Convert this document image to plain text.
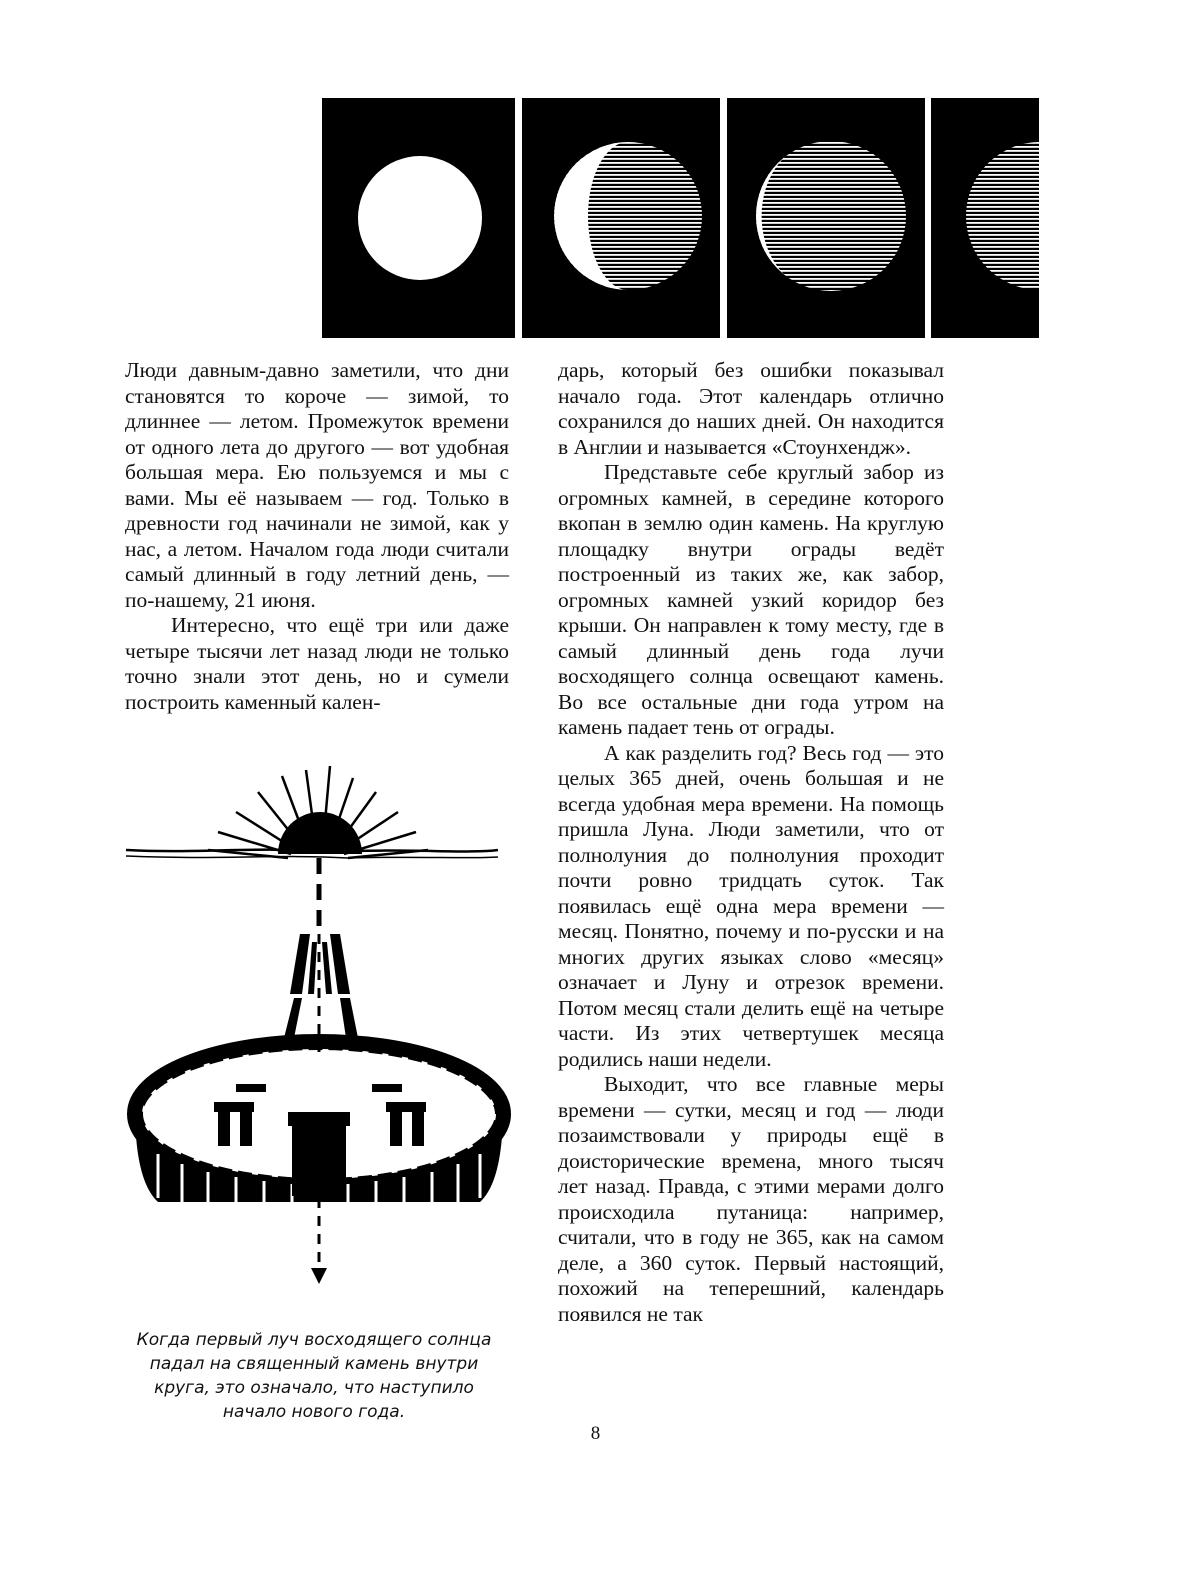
Люди давным-давно заметили, что дни становятся то короче — зимой, то длиннее — летом. Промежуток времени от одного лета до другого — вот удобная большая мера. Ею пользуемся и мы с вами. Мы её называем — год. Только в древности год начинали не зимой, как у нас, а летом. Началом года люди считали самый длинный в году летний день, — по-нашему, 21 июня.

Интересно, что ещё три или даже четыре тысячи лет назад люди не только точно знали этот день, но и сумели построить каменный кален-

дарь, который без ошибки показывал начало года. Этот календарь отлично сохранился до наших дней. Он находится в Англии и называется «Стоунхендж».

Представьте себе круглый забор из огромных камней, в середине которого вкопан в землю один камень. На круглую площадку внутри ограды ведёт построенный из таких же, как забор, огромных камней узкий коридор без крыши. Он направлен к тому месту, где в самый длинный день года лучи восходящего солнца освещают камень. Во все остальные дни года утром на камень падает тень от ограды.

А как разделить год? Весь год — это целых 365 дней, очень большая и не всегда удобная мера времени. На помощь пришла Луна. Люди заметили, что от полнолуния до полнолуния проходит почти ровно тридцать суток. Так появилась ещё одна мера времени — месяц. Понятно, почему и по-русски и на многих других языках слово «месяц» означает и Луну и отрезок времени. Потом месяц стали делить ещё на четыре части. Из этих четвертушек месяца родились наши недели.

Выходит, что все главные меры времени — сутки, месяц и год — люди позаимствовали у природы ещё в доисторические времена, много тысяч лет назад. Правда, с этими мерами долго происходила путаница: например, считали, что в году не 365, как на самом деле, а 360 суток. Первый настоящий, похожий на теперешний, календарь появился не так

Когда первый луч восходящего солнца

падал на священный камень внутри

круга, это означало, что наступило

начало нового года.

8
